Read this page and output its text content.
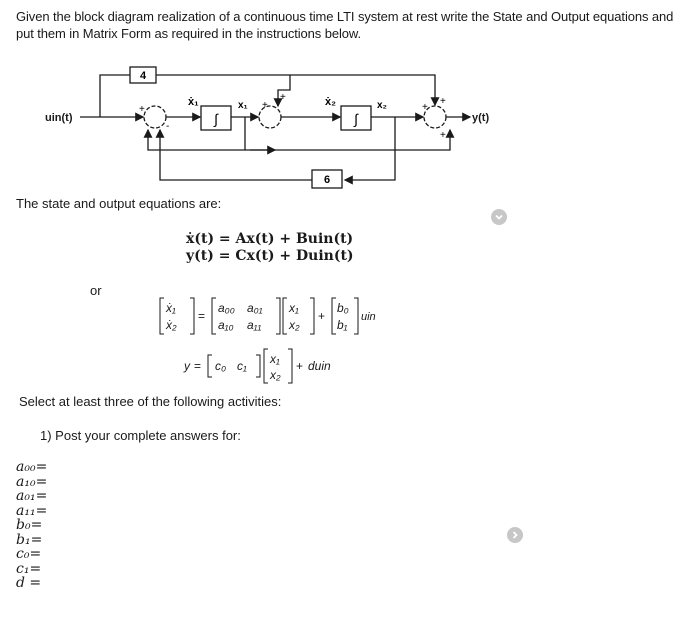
Given the block diagram realization of a continuous time LTI system at rest write the State and Output equations and put them in Matrix Form as required in the instructions below.
uin(t)	y(t)
4
6
∫	∫
ẋ₁	x₁	ẋ₂	x₂
+
-
+
+
+
+
+
The state and output equations are:
ẋ(t) = Ax(t) + Buin(t)
y(t) = Cx(t) + Duin(t)
or
ẋ₁
ẋ₂
=
a₀₀ a₀₁
a₁₀ a₁₁
x₁
x₂
+
b₀
b₁
uin
y = c₀ c₁ x₁
x₂
+ duin
Select at least three of the following activities:
1) Post your complete answers for:
a₀₀=
a₁₀=
a₀₁=
a₁₁=
b₀=
b₁=
c₀=
c₁=
d =
